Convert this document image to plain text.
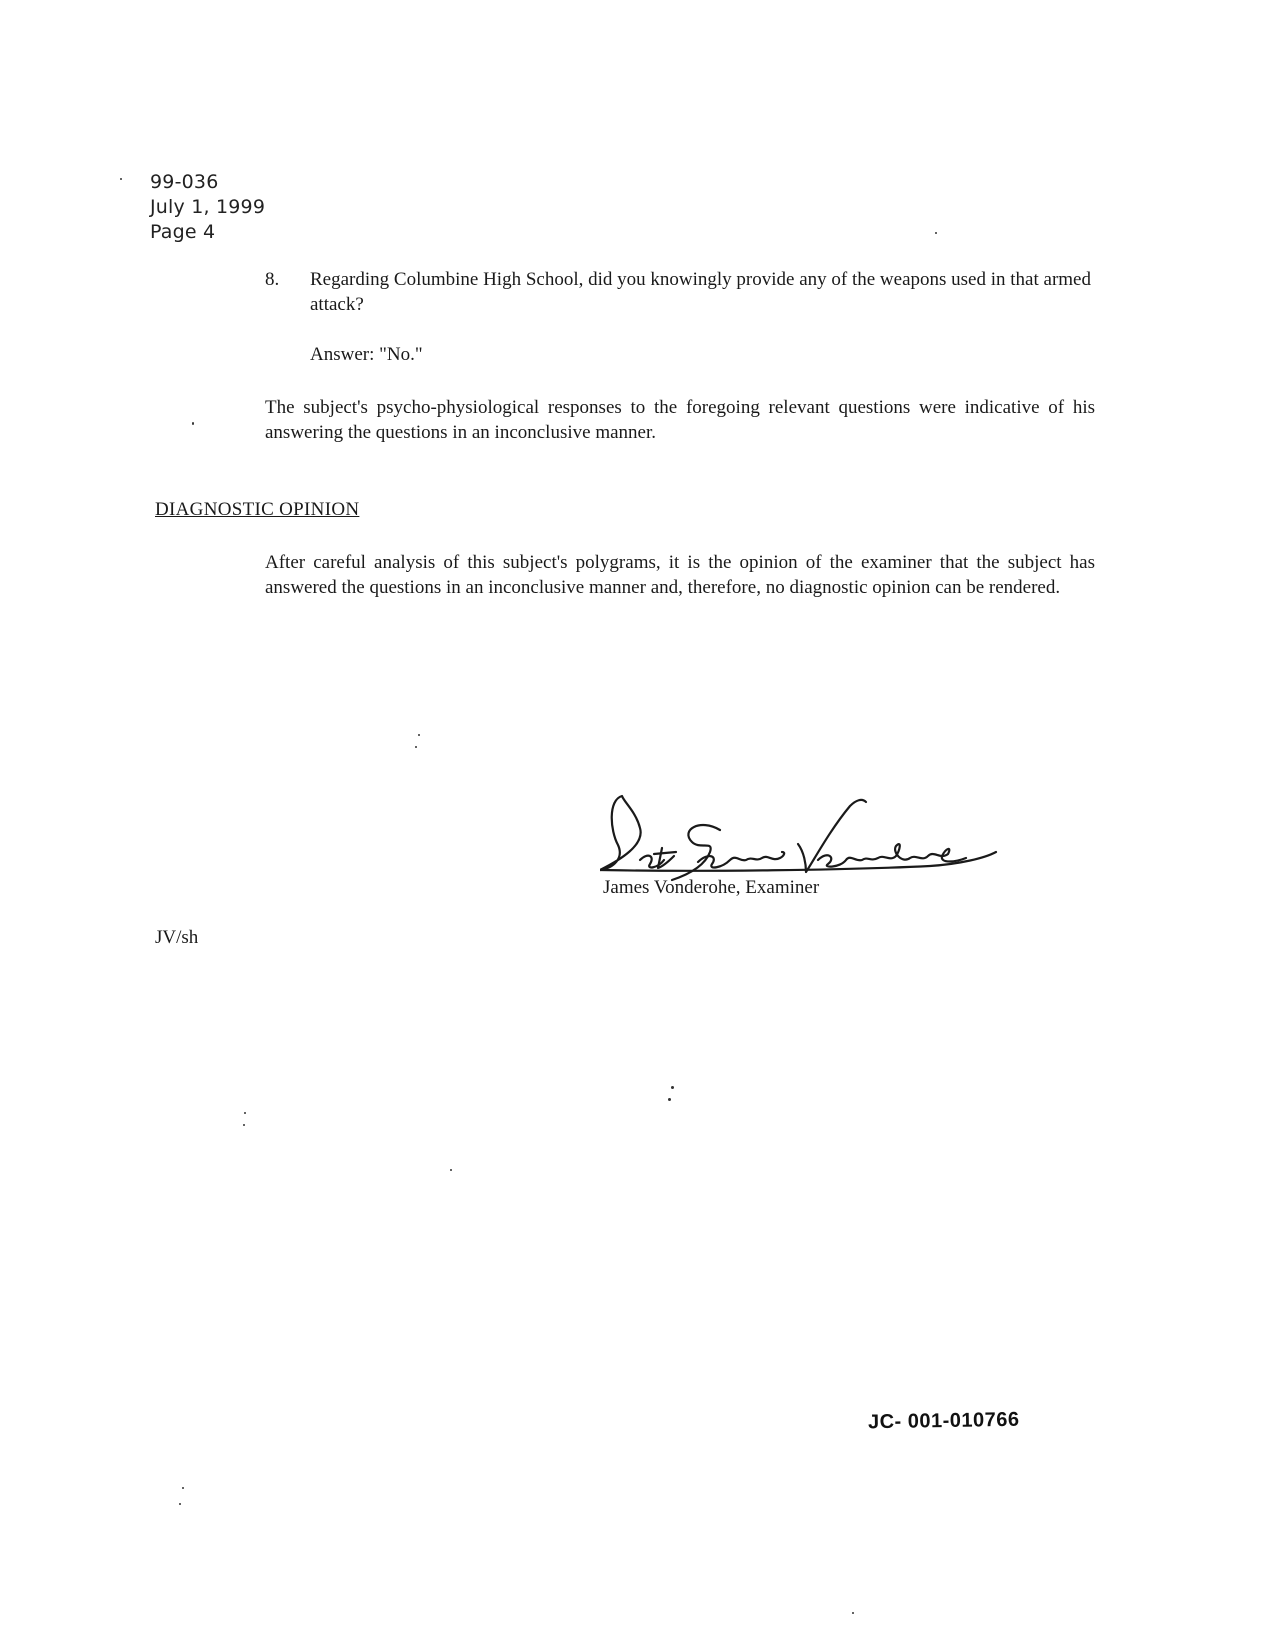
99-036
July 1, 1999
Page 4
8. Regarding Columbine High School, did you knowingly provide any of the weapons used in that armed attack?
Answer: "No."
The subject's psycho-physiological responses to the foregoing relevant questions were indicative of his answering the questions in an inconclusive manner.
DIAGNOSTIC OPINION
After careful analysis of this subject's polygrams, it is the opinion of the examiner that the subject has answered the questions in an inconclusive manner and, therefore, no diagnostic opinion can be rendered.
James Vonderohe, Examiner
JV/sh
JC- 001-010766
